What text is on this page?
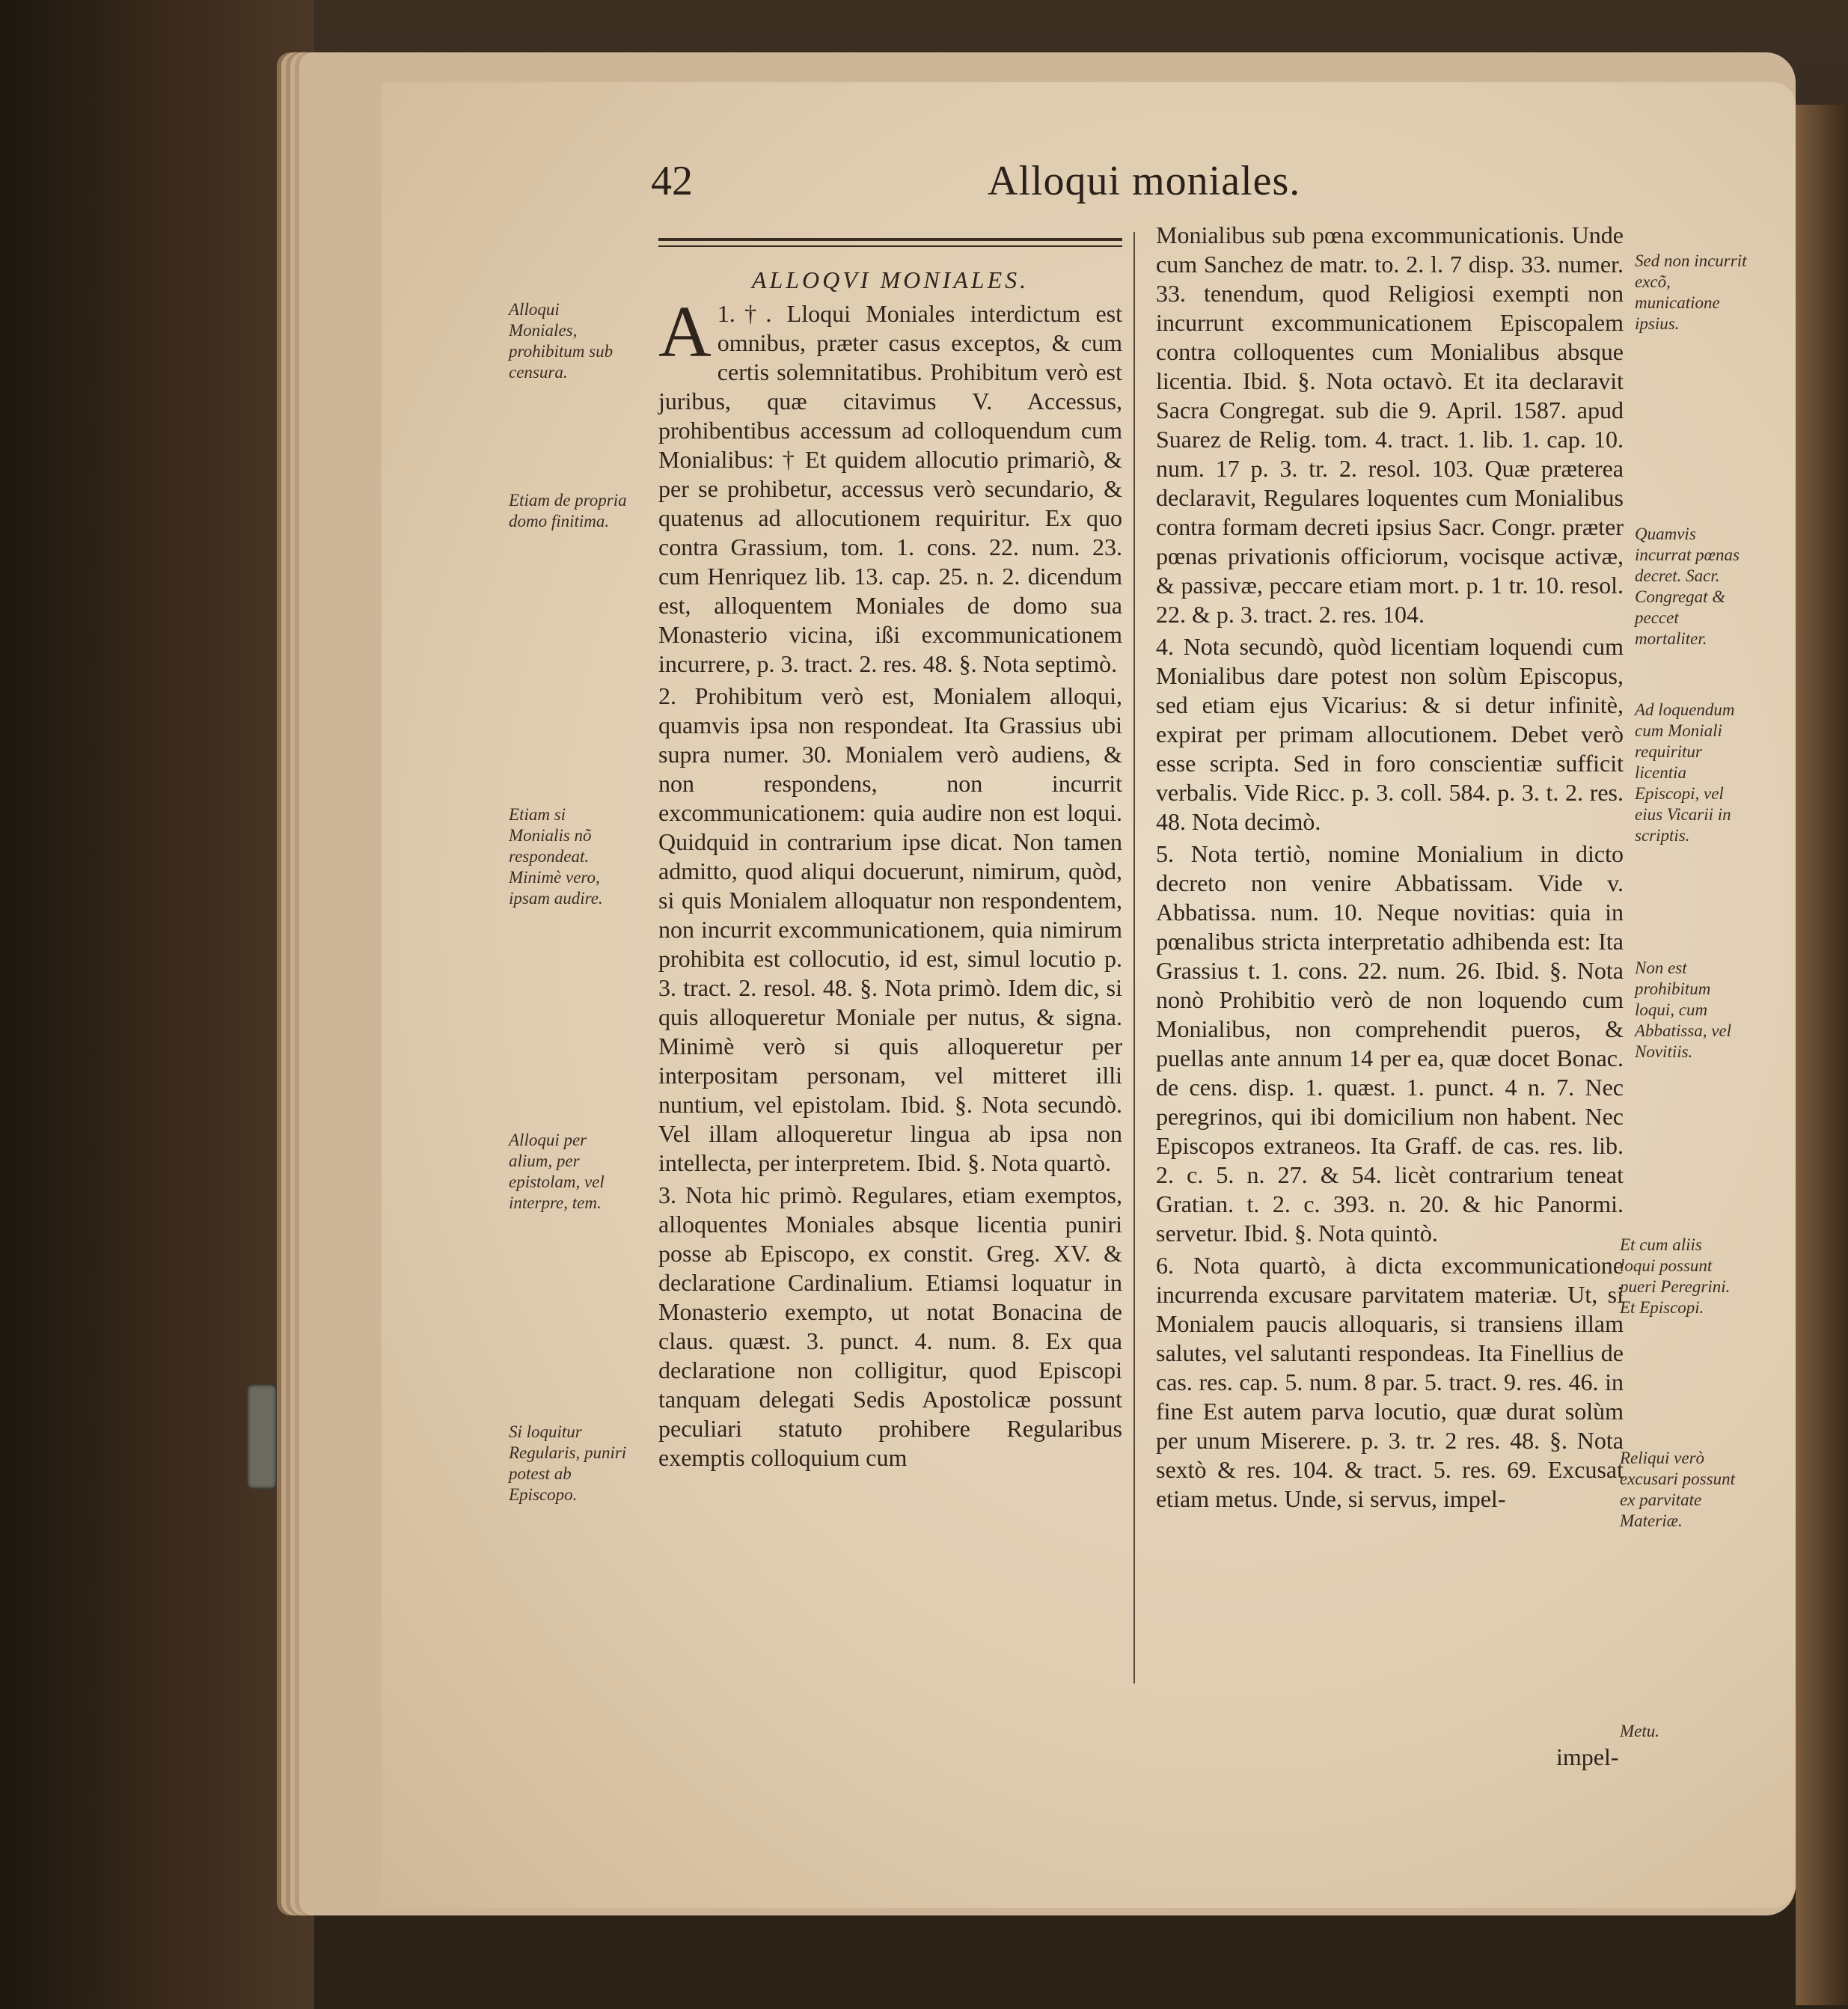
42	Alloqui moniales.

ALLOQVI MONIALES.

1.†.
A	Lloqui Moniales interdictum est omnibus, præter casus exceptos, & cum certis solemnitatibus. Prohibitum verò est juribus, quæ citavimus V. Accessus, prohibentibus accessum ad colloquendum cum Monialibus: † Et quidem allocutio primariò, & per se prohibetur, accessus verò secundario, & quatenus ad allocutionem requiritur. Ex quo contra Grassium, tom. 1. cons. 22. num. 23. cum Henriquez lib. 13. cap. 25. n. 2. dicendum est, alloquentem Moniales de domo sua Monasterio vicina, ißi excommunicationem incurrere, p. 3. tract. 2. res. 48. §. Nota septimò.

2. Prohibitum verò est, Monialem alloqui, quamvis ipsa non respondeat. Ita Grassius ubi supra numer. 30. Monialem verò audiens, & non respondens, non incurrit excommunicationem: quia audire non est loqui. Quidquid in contrarium ipse dicat. Non tamen admitto, quod aliqui docuerunt, nimirum, quòd, si quis Monialem alloquatur non respondentem, non incurrit excommunicationem, quia nimirum prohibita est collocutio, id est, simul locutio p. 3. tract. 2. resol. 48. §. Nota primò. Idem dic, si quis alloqueretur Moniale per nutus, & signa. Minimè verò si quis alloqueretur per interpositam personam, vel mitteret illi nuntium, vel epistolam. Ibid. §. Nota secundò. Vel illam alloqueretur lingua ab ipsa non intellecta, per interpretem. Ibid. §. Nota quartò.

3. Nota hic primò. Regulares, etiam exemptos, alloquentes Moniales absque licentia puniri posse ab Episcopo, ex constit. Greg. XV. & declaratione Cardinalium. Etiamsi loquatur in Monasterio exempto, ut notat Bonacina de claus. quæst. 3. punct. 4. num. 8. Ex qua declaratione non colligitur, quod Episcopi tanquam delegati Sedis Apostolicæ possunt peculiari statuto prohibere Regularibus exemptis colloquium cum

Monialibus sub pœna excommunicationis. Unde cum Sanchez de matr. to. 2. l. 7 disp. 33. numer. 33. tenendum, quod Religiosi exempti non incurrunt excommunicationem Episcopalem contra colloquentes cum Monialibus absque licentia. Ibid. §. Nota octavò. Et ita declaravit Sacra Congregat. sub die 9. April. 1587. apud Suarez de Relig. tom. 4. tract. 1. lib. 1. cap. 10. num. 17 p. 3. tr. 2. resol. 103. Quæ præterea declaravit, Regulares loquentes cum Monialibus contra formam decreti ipsius Sacr. Congr. præter pœnas privationis officiorum, vocisque activæ, & passivæ, peccare etiam mort. p. 1 tr. 10. resol. 22. & p. 3. tract. 2. res. 104.

4. Nota secundò, quòd licentiam loquendi cum Monialibus dare potest non solùm Episcopus, sed etiam ejus Vicarius: & si detur infinitè, expirat per primam allocutionem. Debet verò esse scripta. Sed in foro conscientiæ sufficit verbalis. Vide Ricc. p. 3. coll. 584. p. 3. t. 2. res. 48. Nota decimò.

5. Nota tertiò, nomine Monialium in dicto decreto non venire Abbatissam. Vide v. Abbatissa. num. 10. Neque novitias: quia in pœnalibus stricta interpretatio adhibenda est: Ita Grassius t. 1. cons. 22. num. 26. Ibid. §. Nota nonò Prohibitio verò de non loquendo cum Monialibus, non comprehendit pueros, & puellas ante annum 14 per ea, quæ docet Bonac. de cens. disp. 1. quæst. 1. punct. 4 n. 7. Nec peregrinos, qui ibi domicilium non habent. Nec Episcopos extraneos. Ita Graff. de cas. res. lib. 2. c. 5. n. 27. & 54. licèt contrarium teneat Gratian. t. 2. c. 393. n. 20. & hic Panormi. servetur. Ibid. §. Nota quintò.

6. Nota quartò, à dicta excommunicatione incurrenda excusare parvitatem materiæ. Ut, si Monialem paucis alloquaris, si transiens illam salutes, vel salutanti respondeas. Ita Finellius de cas. res. cap. 5. num. 8 par. 5. tract. 9. res. 46. in fine Est autem parva locutio, quæ durat solùm per unum Miserere. p. 3. tr. 2 res. 48. §. Nota sextò & res. 104. & tract. 5. res. 69. Excusat etiam metus. Unde, si servus, impel-

impel-
Alloqui Moniales, prohibitum sub censura.
Etiam de propria domo finitima.
Etiam si Monialis nõ respondeat. Minimè vero, ipsam audire.
Alloqui per alium, per epistolam, vel interpre, tem.
Si loquitur Regularis, puniri potest ab Episcopo.
Sed non incurrit excõ, municatione ipsius.
Quamvis incurrat pœnas decret. Sacr. Congregat & peccet mortaliter.
Ad loquendum cum Moniali requiritur licentia Episcopi, vel eius Vicarii in scriptis.
Non est prohibitum loqui, cum Abbatissa, vel Novitiis.
Et cum aliis loqui possunt pueri Peregrini. Et Episcopi.
Reliqui verò excusari possunt ex parvitate Materiæ.
Metu.
